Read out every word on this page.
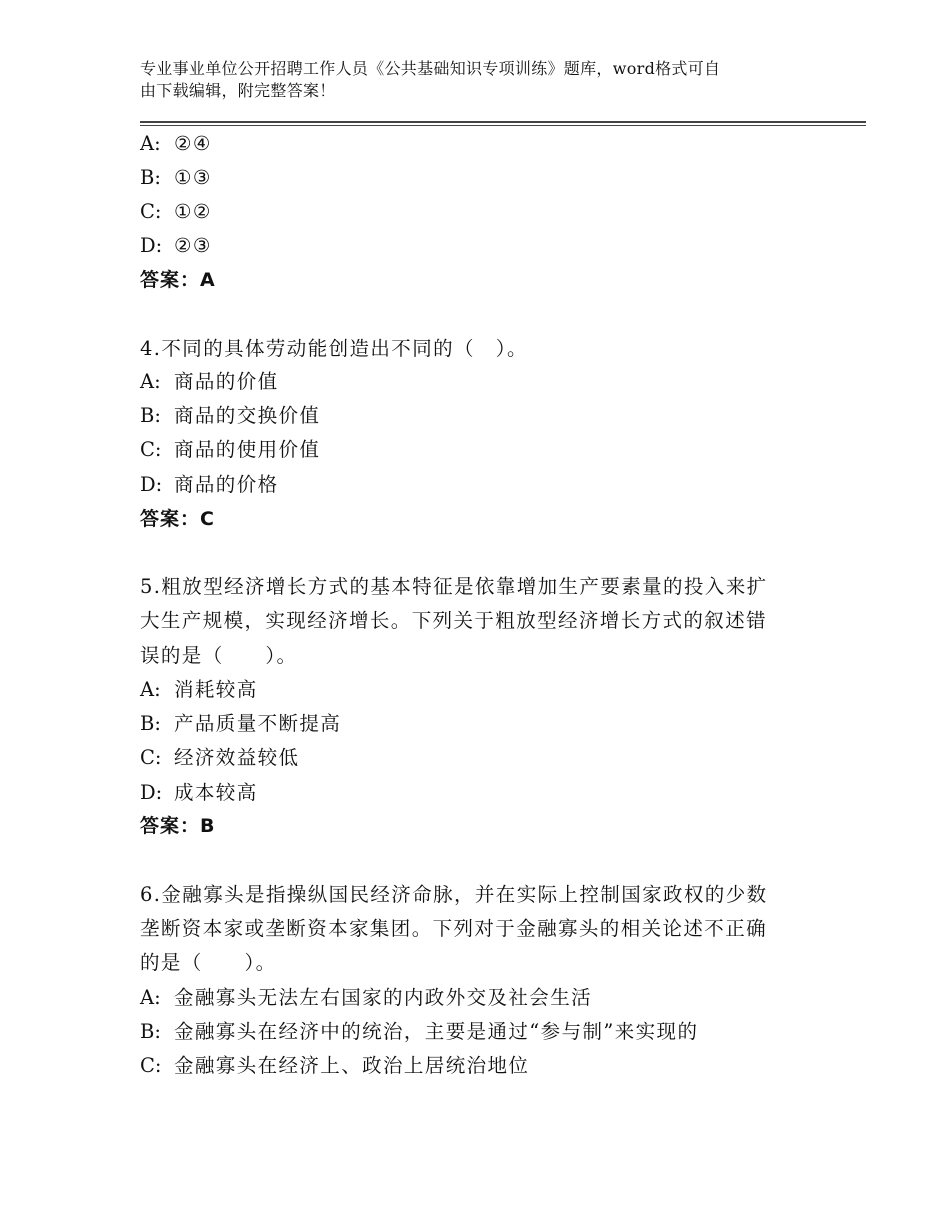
专业事业单位公开招聘工作人员《公共基础知识专项训练》题库，word格式可自
由下载编辑，附完整答案！
A: ②④
B: ①③
C: ①②
D: ②③
答案：A
4.不同的具体劳动能创造出不同的（　）。
A: 商品的价值
B: 商品的交换价值
C: 商品的使用价值
D: 商品的价格
答案：C
5.粗放型经济增长方式的基本特征是依靠增加生产要素量的投入来扩
大生产规模，实现经济增长。下列关于粗放型经济增长方式的叙述错
误的是（　　）。
A: 消耗较高
B: 产品质量不断提高
C: 经济效益较低
D: 成本较高
答案：B
6.金融寡头是指操纵国民经济命脉，并在实际上控制国家政权的少数
垄断资本家或垄断资本家集团。下列对于金融寡头的相关论述不正确
的是（　　）。
A: 金融寡头无法左右国家的内政外交及社会生活
B: 金融寡头在经济中的统治，主要是通过“参与制”来实现的
C: 金融寡头在经济上、政治上居统治地位
